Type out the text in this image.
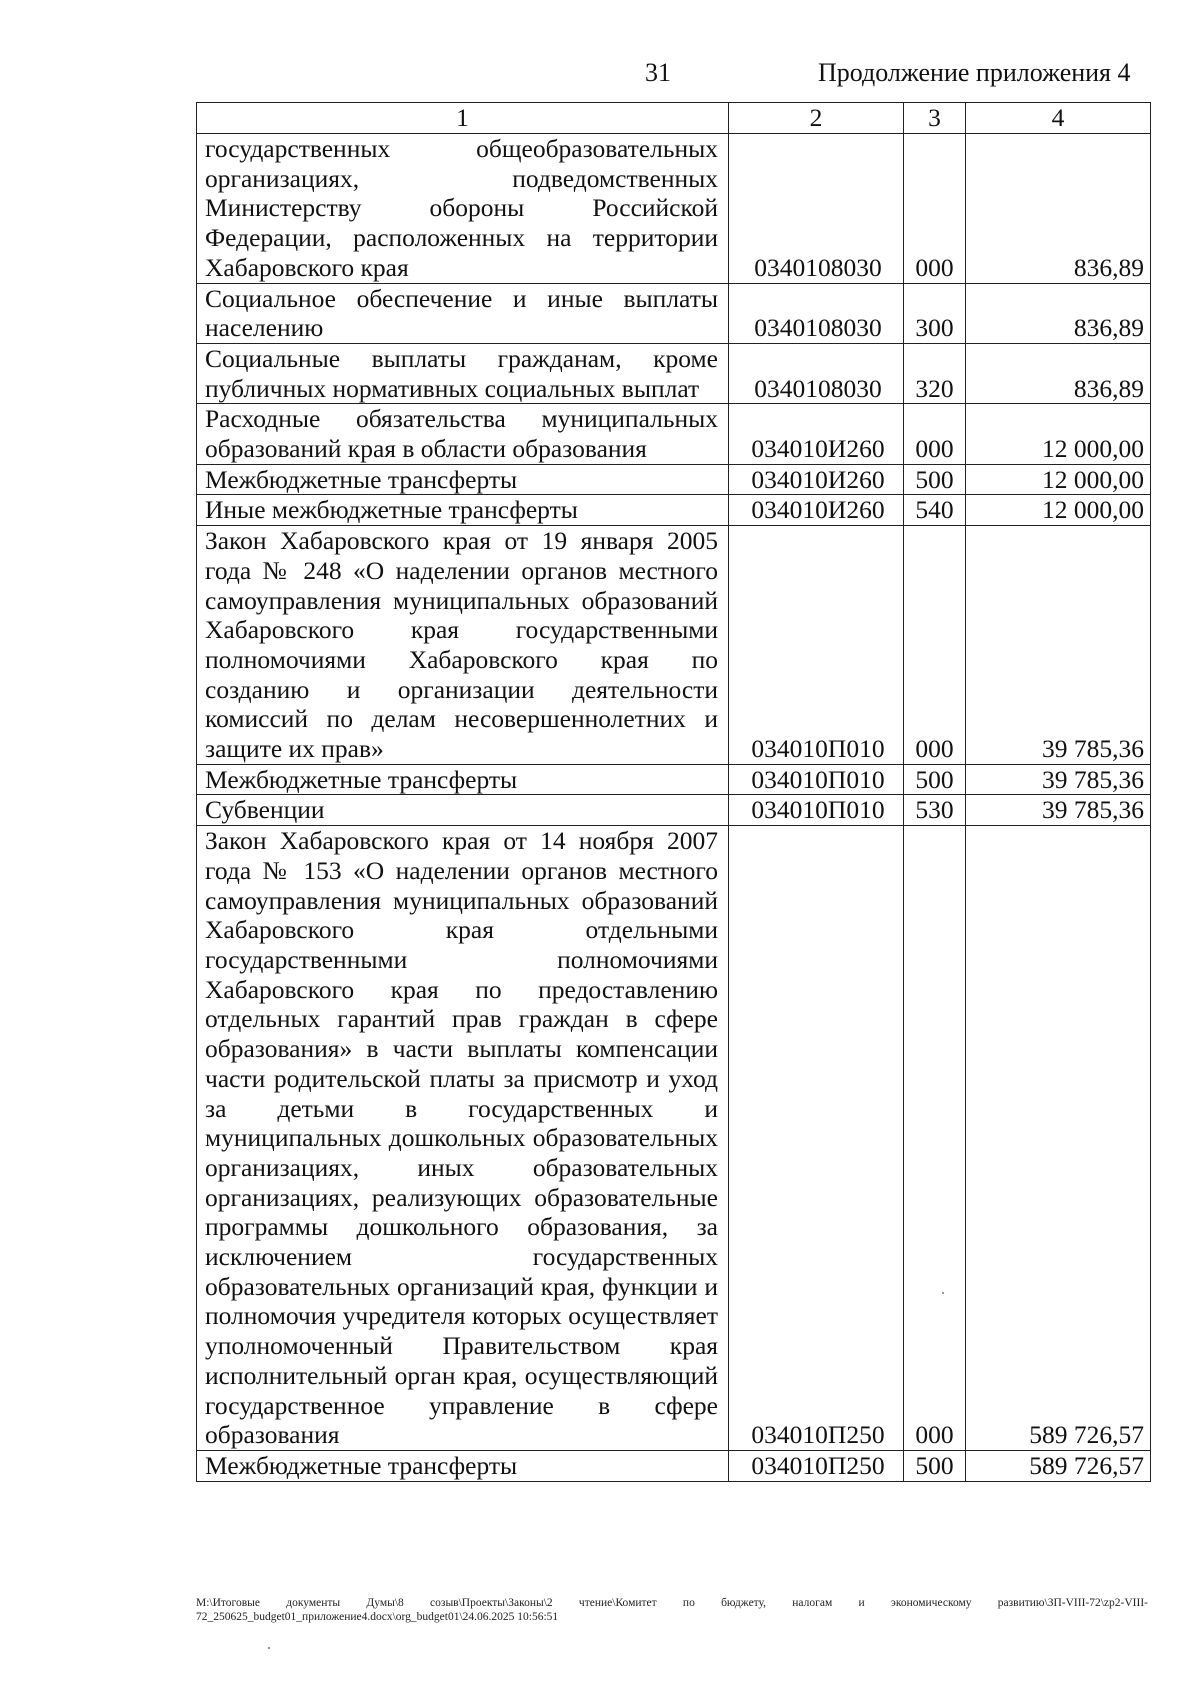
31	Продолжение приложения 4
1	2	3	4
государственных общеобразовательных организациях, подведомственных Министерству обороны Российской Федерации, расположенных на территории Хабаровского края	0340108030	000	836,89
Социальное обеспечение и иные выплаты населению	0340108030	300	836,89
Социальные выплаты гражданам, кроме публичных нормативных социальных выплат	0340108030	320	836,89
Расходные обязательства муниципальных образований края в области образования	034010И260	000	12 000,00
Межбюджетные трансферты	034010И260	500	12 000,00
Иные межбюджетные трансферты	034010И260	540	12 000,00
Закон Хабаровского края от 19 января 2005 года № 248 «О наделении органов местного самоуправления муниципальных образований Хабаровского края государственными полномочиями Хабаровского края по созданию и организации деятельности комиссий по делам несовершеннолетних и защите их прав»	034010П010	000	39 785,36
Межбюджетные трансферты	034010П010	500	39 785,36
Субвенции	034010П010	530	39 785,36
Закон Хабаровского края от 14 ноября 2007 года № 153 «О наделении органов местного самоуправления муниципальных образований Хабаровского края отдельными государственными полномочиями Хабаровского края по предоставлению отдельных гарантий прав граждан в сфере образования» в части выплаты компенсации части родительской платы за присмотр и уход за детьми в государственных и муниципальных дошкольных образовательных организациях, иных образовательных организациях, реализующих образовательные программы дошкольного образования, за исключением государственных образовательных организаций края, функции и полномочия учредителя которых осуществляет уполномоченный Правительством края исполнительный орган края, осуществляющий государственное управление в сфере образования	034010П250	000	589 726,57
Межбюджетные трансферты	034010П250	500	589 726,57
M:\Итоговые документы Думы\8 созыв\Проекты\Законы\2 чтение\Комитет по бюджету, налогам и экономическому развитию\ЗП-VIII-72\zp2-VIII-72_250625_budget01_приложение4.docx\org_budget01\24.06.2025 10:56:51
